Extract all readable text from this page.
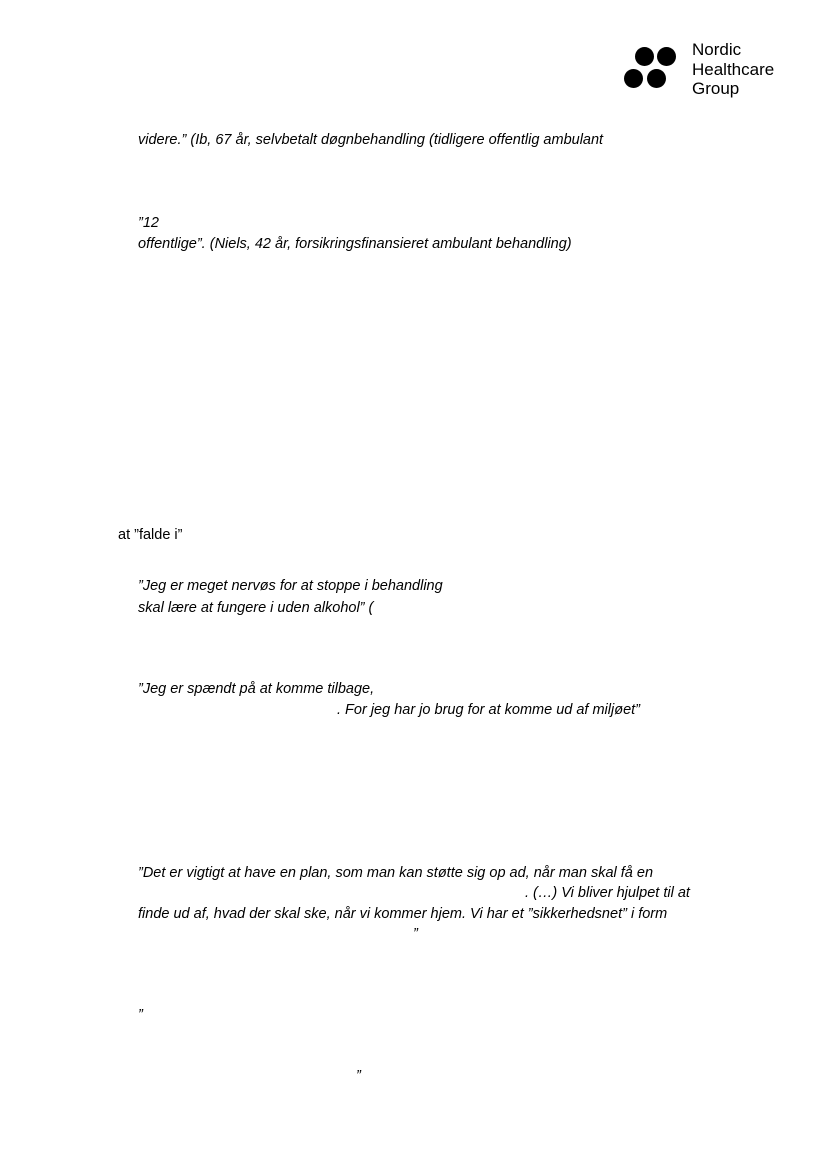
Nordic
Healthcare
Group
videre.” (Ib, 67 år, selvbetalt døgnbehandling (tidligere offentlig ambulant
”12
offentlige”. (Niels, 42 år, forsikringsfinansieret ambulant behandling)
at ”falde i”
”Jeg er meget nervøs for at stoppe i behandling
skal lære at fungere i uden alkohol” (
”Jeg er spændt på at komme tilbage,
. For jeg har jo brug for at komme ud af miljøet”
”Det er vigtigt at have en plan, som man kan støtte sig op ad, når man skal få en
. (…) Vi bliver hjulpet til at
finde ud af, hvad der skal ske, når vi kommer hjem. Vi har et ”sikkerhedsnet” i form
”
”
”
